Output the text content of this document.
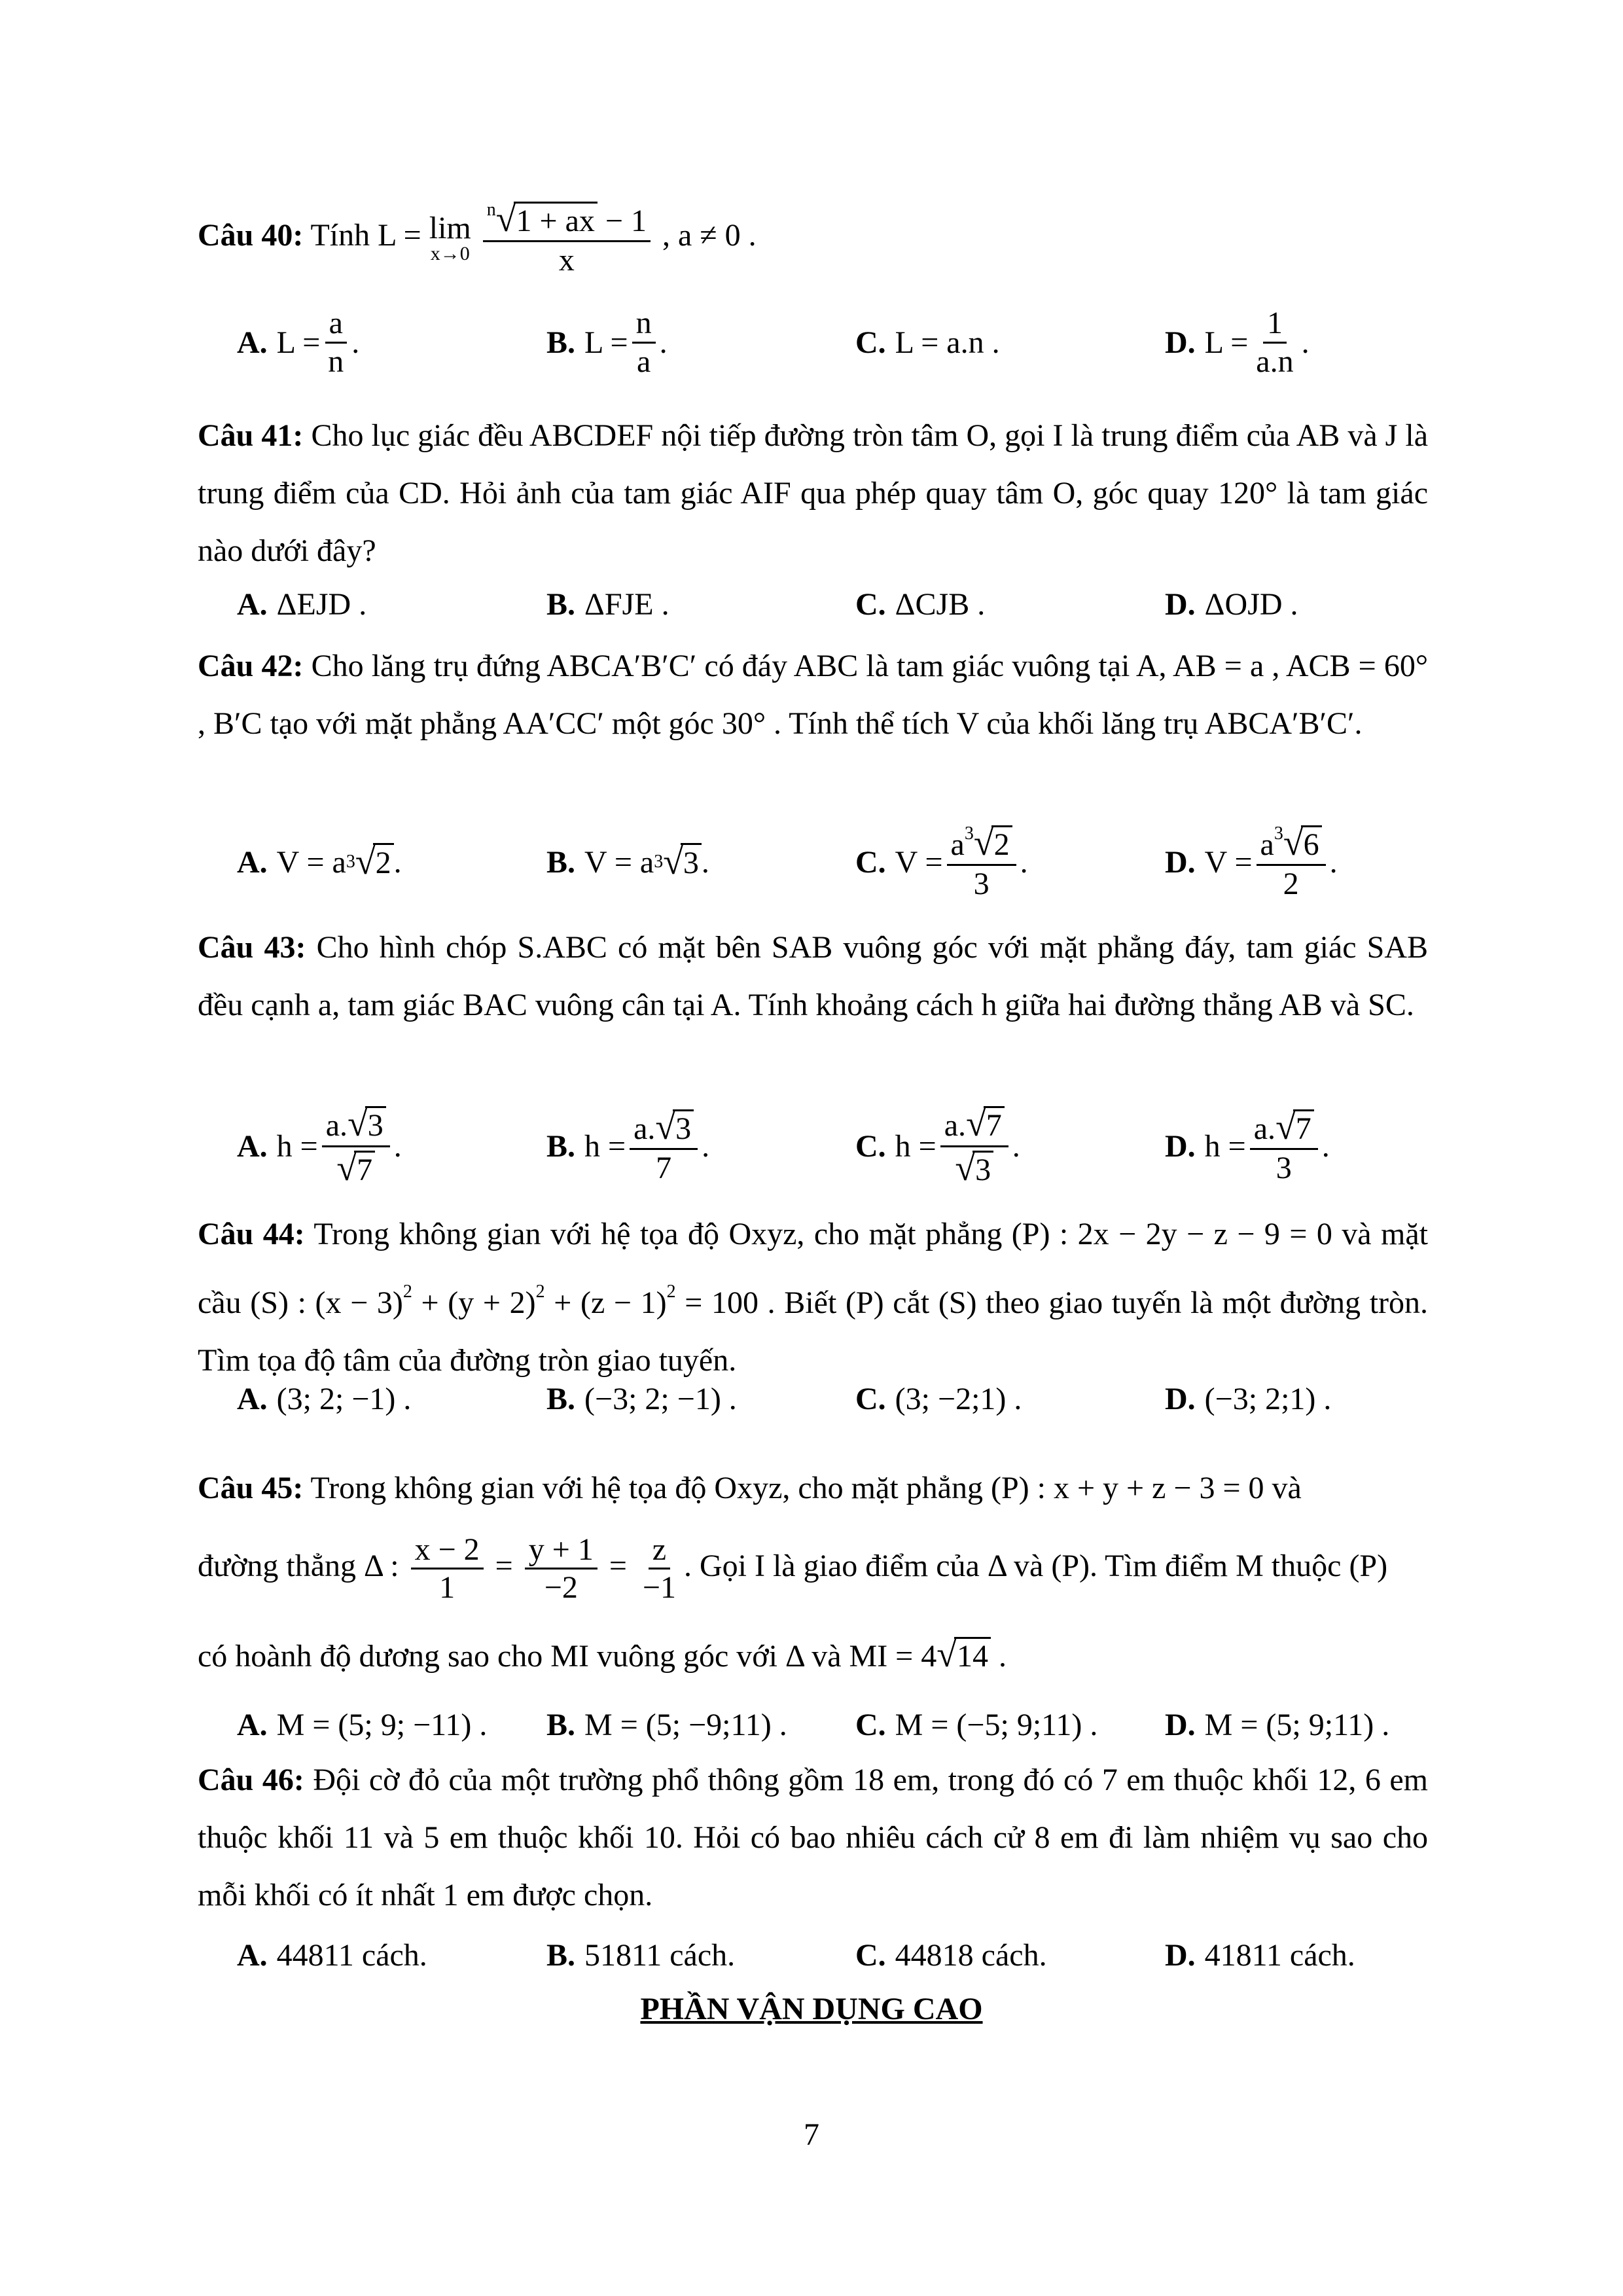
Câu 40: Tính L = lim
x→0
$\frac{^n√1 + ax - 1}{x}$ , a ≠ 0 .
A. $L = \frac{a}{n}$ .	B. $L = \frac{n}{a}$ .	C. L = a.n .	D. $L = \frac{1}{a.n}$ .
Câu 41: Cho lục giác đều ABCDEF nội tiếp đường tròn tâm O, gọi I là trung điểm của AB và J là trung điểm của CD. Hỏi ảnh của tam giác AIF qua phép quay tâm O, góc quay 120° là tam giác nào dưới đây?
A. ΔEJD .	B. ΔFJE .	C. ΔCJB .	D. ΔOJD .
Câu 42: Cho lăng trụ đứng ABCA′B′C′ có đáy ABC là tam giác vuông tại A, AB = a , ACB = 60° , B′C tạo với mặt phẳng AA′CC′ một góc 30° . Tính thể tích V của khối lăng trụ ABCA′B′C′.
A. V = a 3 √ 2 .	B. V = a 3 √ 3 .	C. $V = \frac{a^3√2}{3}$ .	D. $V = \frac{a^3√6}{2}$ .
Câu 43: Cho hình chóp S.ABC có mặt bên SAB vuông góc với mặt phẳng đáy, tam giác SAB đều cạnh a, tam giác BAC vuông cân tại A. Tính khoảng cách h giữa hai đường thẳng AB và SC.
A. $h = \frac{a.√3}{√7}$ .	B. $h = \frac{a.√3}{7}$ .	C. $h = \frac{a.√7}{√3}$ .	D. $h = \frac{a.√7}{3}$ .
Câu 44: Trong không gian với hệ tọa độ Oxyz, cho mặt phẳng (P) : 2x − 2y − z − 9 = 0 và mặt cầu (S) : $(x - 3)^2 + (y + 2)^2 + (z - 1)^2 = 100$ . Biết (P) cắt (S) theo giao tuyến là một đường tròn. Tìm tọa độ tâm của đường tròn giao tuyến.
A. (3; 2; −1) .	B. (−3; 2; −1) .	C. (3; −2;1) .	D. (−3; 2;1) .
Câu 45: Trong không gian với hệ tọa độ Oxyz, cho mặt phẳng (P) : x + y + z − 3 = 0 và
đường thẳng Δ : $\frac{x - 2}{1} = \frac{y + 1}{-2} = \frac{z}{-1}$ . Gọi I là giao điểm của Δ và (P). Tìm điểm M thuộc (P)
có hoành độ dương sao cho MI vuông góc với Δ và MI = 4√14 .
A. M = (5; 9; −11) . B. M = (5; −9;11) . C. M = (−5; 9;11) . D. M = (5; 9;11) .
Câu 46: Đội cờ đỏ của một trường phổ thông gồm 18 em, trong đó có 7 em thuộc khối 12, 6 em thuộc khối 11 và 5 em thuộc khối 10. Hỏi có bao nhiêu cách cử 8 em đi làm nhiệm vụ sao cho mỗi khối có ít nhất 1 em được chọn.
A. 44811 cách.	B. 51811 cách.	C. 44818 cách.	D. 41811 cách.
PHẦN VẬN DỤNG CAO
7
